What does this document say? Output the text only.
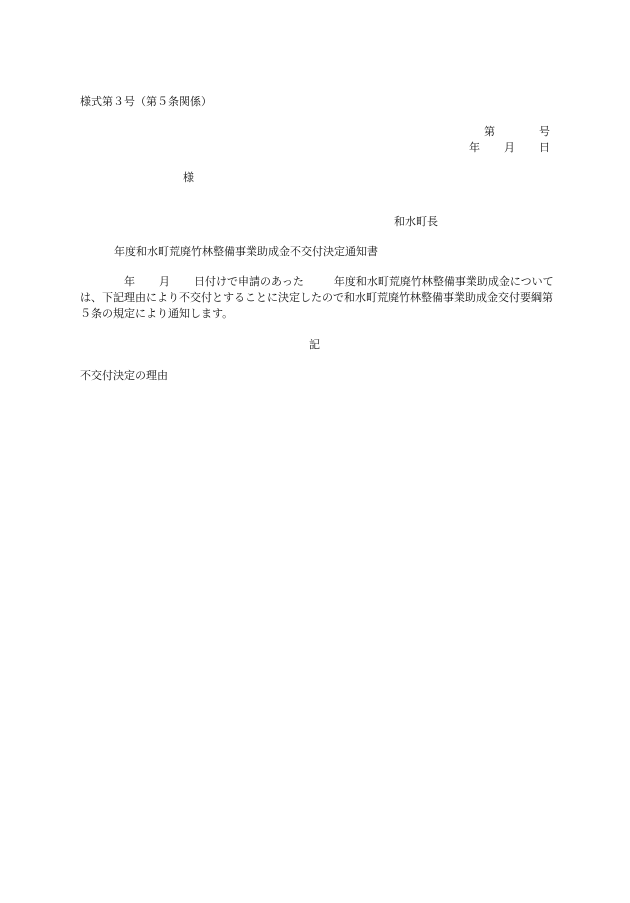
様式第３号（第５条関係）
第	号
年 月 日
様
和水町長
年度和水町荒廃竹林整備事業助成金不交付決定通知書
年 月 日付けで申請のあった	年度和水町荒廃竹林整備事業助成金については、下記理由により不交付とすることに決定したので和水町荒廃竹林整備事業助成金交付要綱第５条の規定により通知します。
記
不交付決定の理由
